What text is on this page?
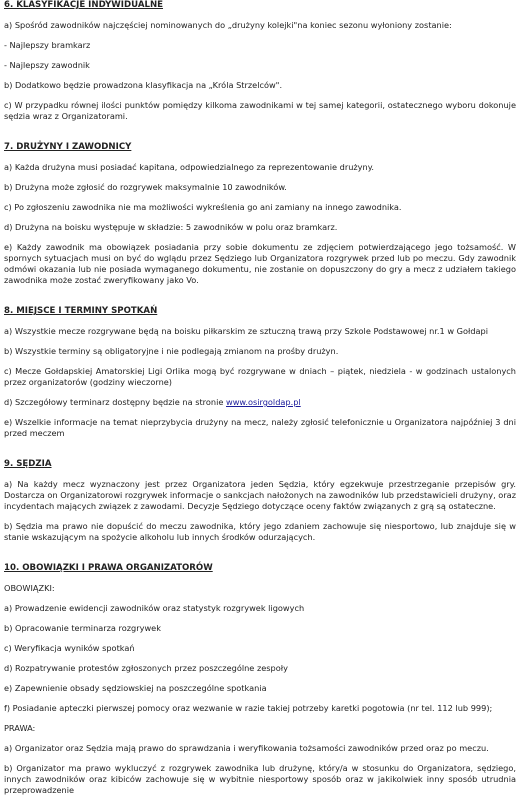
6. KLASYFIKACJE INDYWIDUALNE
a) Spośród zawodników najczęściej nominowanych do „drużyny kolejki"na koniec sezonu wyłoniony zostanie:
- Najlepszy bramkarz
- Najlepszy zawodnik
b) Dodatkowo będzie prowadzona klasyfikacja na „Króla Strzelców".
c) W przypadku równej ilości punktów pomiędzy kilkoma zawodnikami w tej samej kategorii, ostatecznego wyboru dokonuje sędzia wraz z Organizatorami.
7. DRUŻYNY I ZAWODNICY
a) Każda drużyna musi posiadać kapitana, odpowiedzialnego za reprezentowanie drużyny.
b) Drużyna może zgłosić do rozgrywek maksymalnie 10 zawodników.
c) Po zgłoszeniu zawodnika nie ma możliwości wykreślenia go ani zamiany na innego zawodnika.
d) Drużyna na boisku występuje w składzie: 5 zawodników w polu oraz bramkarz.
e) Każdy zawodnik ma obowiązek posiadania przy sobie dokumentu ze zdjęciem potwierdzającego jego tożsamość. W spornych sytuacjach musi on być do wglądu przez Sędziego lub Organizatora rozgrywek przed lub po meczu. Gdy zawodnik odmówi okazania lub nie posiada wymaganego dokumentu, nie zostanie on dopuszczony do gry a mecz z udziałem takiego zawodnika może zostać zweryfikowany jako Vo.
8. MIEJSCE I TERMINY SPOTKAŃ
a) Wszystkie mecze rozgrywane będą na boisku piłkarskim ze sztuczną trawą przy Szkole Podstawowej nr.1 w Gołdapi
b) Wszystkie terminy są obligatoryjne i nie podlegają zmianom na prośby drużyn.
c) Mecze Gołdapskiej Amatorskiej Ligi Orlika mogą być rozgrywane w dniach – piątek, niedziela - w godzinach ustalonych przez organizatorów (godziny wieczorne)
d) Szczegółowy terminarz dostępny będzie na stronie www.osirgoldap.pl
e) Wszelkie informacje na temat nieprzybycia drużyny na mecz, należy zgłosić telefonicznie u Organizatora najpóźniej 3 dni przed meczem
9. SĘDZIA
a) Na każdy mecz wyznaczony jest przez Organizatora jeden Sędzia, który egzekwuje przestrzeganie przepisów gry. Dostarcza on Organizatorowi rozgrywek informacje o sankcjach nałożonych na zawodników lub przedstawicieli drużyny, oraz incydentach mających związek z zawodami. Decyzje Sędziego dotyczące oceny faktów związanych z grą są ostateczne.
b) Sędzia ma prawo nie dopuścić do meczu zawodnika, który jego zdaniem zachowuje się niesportowo, lub znajduje się w stanie wskazującym na spożycie alkoholu lub innych środków odurzających.
10. OBOWIĄZKI I PRAWA ORGANIZATORÓW
OBOWIĄZKI:
a) Prowadzenie ewidencji zawodników oraz statystyk rozgrywek ligowych
b) Opracowanie terminarza rozgrywek
c) Weryfikacja wyników spotkań
d) Rozpatrywanie protestów zgłoszonych przez poszczególne zespoły
e) Zapewnienie obsady sędziowskiej na poszczególne spotkania
f) Posiadanie apteczki pierwszej pomocy oraz wezwanie w razie takiej potrzeby karetki pogotowia (nr tel. 112 lub 999);
PRAWA:
a) Organizator oraz Sędzia mają prawo do sprawdzania i weryfikowania tożsamości zawodników przed oraz po meczu.
b) Organizator ma prawo wykluczyć z rozgrywek zawodnika lub drużynę, który/a w stosunku do Organizatora, sędziego, innych zawodników oraz kibiców zachowuje się w wybitnie niesportowy sposób oraz w jakikolwiek inny sposób utrudnia przeprowadzenie
